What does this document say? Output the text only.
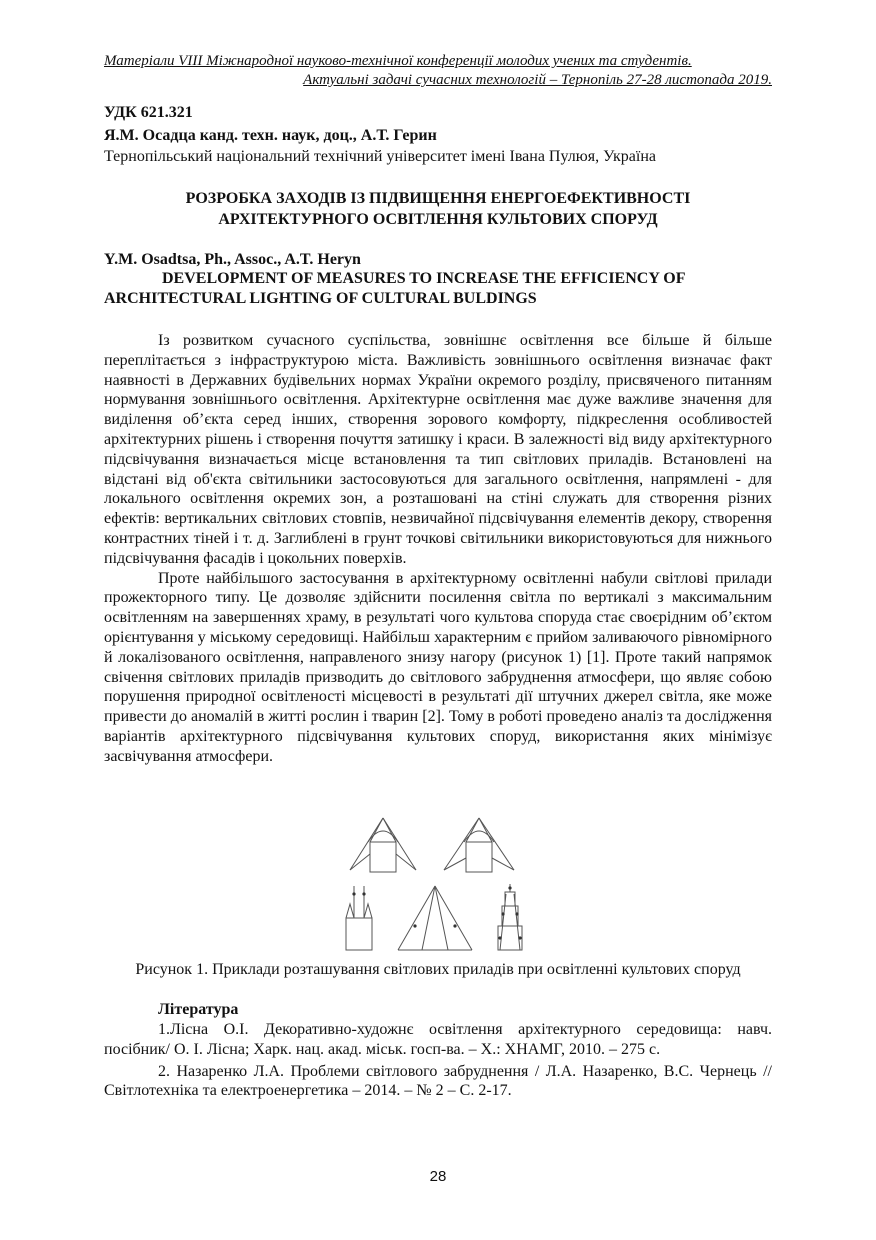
Матеріали VIII Міжнародної науково-технічної конференції молодих учених та студентів.
Актуальні задачі сучасних технологій – Тернопіль 27-28 листопада 2019.
УДК 621.321
Я.М. Осадца канд. техн. наук, доц., А.Т. Герин
Тернопільський національний технічний університет імені Івана Пулюя, Україна
РОЗРОБКА ЗАХОДІВ ІЗ ПІДВИЩЕННЯ ЕНЕРГОЕФЕКТИВНОСТІ
АРХІТЕКТУРНОГО ОСВІТЛЕННЯ КУЛЬТОВИХ СПОРУД
Y.M. Osadtsa, Ph., Assoc., A.T. Heryn
DEVELOPMENT OF MEASURES TO INCREASE THE EFFICIENCY OF
ARCHITECTURAL LIGHTING OF CULTURAL BULDINGS

Із розвитком сучасного суспільства, зовнішнє освітлення все більше й більше переплітається з інфраструктурою міста. Важливість зовнішнього освітлення визначає факт наявності в Державних будівельних нормах України окремого розділу, присвяченого питанням нормування зовнішнього освітлення. Архітектурне освітлення має дуже важливе значення для виділення об’єкта серед інших, створення зорового комфорту, підкреслення особливостей архітектурних рішень і створення почуття затишку і краси. В залежності від виду архітектурного підсвічування визначається місце встановлення та тип світлових приладів. Встановлені на відстані від об'єкта світильники застосовуються для загального освітлення, напрямлені - для локального освітлення окремих зон, а розташовані на стіні служать для створення різних ефектів: вертикальних світлових стовпів, незвичайної підсвічування елементів декору, створення контрастних тіней і т. д. Заглиблені в грунт точкові світильники використовуються для нижнього підсвічування фасадів і цокольних поверхів.

Проте найбільшого застосування в архітектурному освітленні набули світлові прилади прожекторного типу. Це дозволяє здійснити посилення світла по вертикалі з максимальним освітленням на завершеннях храму, в результаті чого культова споруда стає своєрідним об’єктом орієнтування у міському середовищі. Найбільш характерним є прийом заливаючого рівномірного й локалізованого освітлення, направленого знизу нагору (рисунок 1) [1]. Проте такий напрямок свічення світлових приладів призводить до світлового забруднення атмосфери, що являє собою порушення природної освітленості місцевості в результаті дії штучних джерел світла, яке може привести до аномалій в житті рослин і тварин [2]. Тому в роботі проведено аналіз та дослідження варіантів архітектурного підсвічування культових споруд, використання яких мінімізує засвічування атмосфери.

Рисунок 1. Приклади розташування світлових приладів при освітленні культових споруд
Література

1.Лісна О.І. Декоративно-художнє освітлення архітектурного середовища: навч. посібник/ О. І. Лісна; Харк. нац. акад. міськ. госп-ва. – Х.: ХНАМГ, 2010. – 275 с.

2. Назаренко Л.А. Проблеми світлового забруднення / Л.А. Назаренко, В.С. Чернець // Світлотехніка та електроенергетика – 2014. – № 2 – С. 2-17.

28
